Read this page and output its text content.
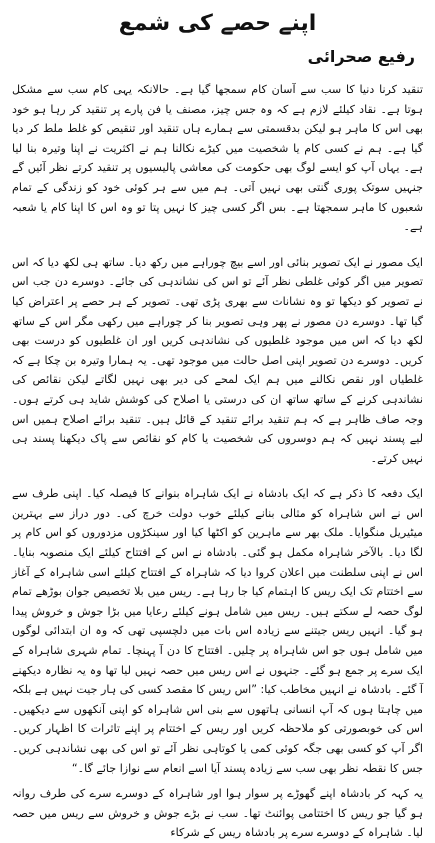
اپنے حصے کی شمع
رفیع صحرائی

تنقید کرنا دنیا کا سب سے آسان کام سمجھا گیا ہے۔ حالانکہ یہی کام سب سے مشکل ہوتا ہے۔ نقاد کیلئے لازم ہے کہ وہ جس چیز، مصنف یا فن پارے پر تنقید کر رہا ہو خود بھی اس کا ماہر ہو لیکن بدقسمتی سے ہمارے ہاں تنقید اور تنقیص کو غلط ملط کر دیا گیا ہے۔ ہم نے کسی کام یا شخصیت میں کیڑے نکالنا ہم نے اکثریت نے اپنا وتیرہ بنا لیا ہے۔ یہاں آپ کو ایسے لوگ بھی حکومت کی معاشی پالیسیوں پر تنقید کرتے نظر آئیں گے جنہیں سوتک پوری گنتی بھی نہیں آتی۔ ہم میں سے ہر کوئی خود کو زندگی کے تمام شعبوں کا ماہر سمجھتا ہے۔ بس اگر کسی چیز کا نہیں پتا تو وہ اس کا اپنا کام یا شعبہ ہے۔

ایک مصور نے ایک تصویر بنائی اور اسے بیچ چوراہے میں رکھ دیا۔ ساتھ ہی لکھ دیا کہ اس تصویر میں اگر کوئی غلطی نظر آئے تو اس کی نشاندہی کی جائے۔ دوسرے دن جب اس نے تصویر کو دیکھا تو وہ نشانات سے بھری پڑی تھی۔ تصویر کے ہر حصے پر اعتراض کیا گیا تھا۔ دوسرے دن مصور نے پھر وہی تصویر بنا کر چوراہے میں رکھی مگر اس کے ساتھ لکھ دیا کہ اس میں موجود غلطیوں کی نشاندہی کریں اور ان غلطیوں کو درست بھی کریں۔ دوسرے دن تصویر اپنی اصل حالت میں موجود تھی۔ یہ ہمارا وتیرہ بن چکا ہے کہ غلطیاں اور نقص نکالنے میں ہم ایک لمحے کی دیر بھی نہیں لگاتے لیکن نقائص کی نشاندہی کرنے کے ساتھ ساتھ ان کی درستی یا اصلاح کی کوشش شاید ہی کرتے ہوں۔ وجہ صاف ظاہر ہے کہ ہم تنقید برائے تنقید کے قائل ہیں۔ تنقید برائے اصلاح ہمیں اس لیے پسند نہیں کہ ہم دوسروں کی شخصیت یا کام کو نقائص سے پاک دیکھنا پسند ہی نہیں کرتے۔

ایک دفعہ کا ذکر ہے کہ ایک بادشاہ نے ایک شاہراہ بنوانے کا فیصلہ کیا۔ اپنی طرف سے اس نے اس شاہراہ کو مثالی بنانے کیلئے خوب دولت خرچ کی۔ دور دراز سے بہترین میٹیریل منگوایا۔ ملک بھر سے ماہرین کو اکٹھا کیا اور سینکڑوں مزدوروں کو اس کام پر لگا دیا۔ بالآخر شاہراہ مکمل ہو گئی۔ بادشاہ نے اس کے افتتاح کیلئے ایک منصوبہ بنایا۔ اس نے اپنی سلطنت میں اعلان کروا دیا کہ شاہراہ کے افتتاح کیلئے اسی شاہراہ کے آغاز سے اختتام تک ایک ریس کا اہتمام کیا جا رہا ہے۔ ریس میں بلا تخصیص جوان بوڑھے تمام لوگ حصہ لے سکتے ہیں۔ ریس میں شامل ہونے کیلئے رعایا میں بڑا جوش و خروش پیدا ہو گیا۔ انہیں ریس جیتنے سے زیادہ اس بات میں دلچسپی تھی کہ وہ ان ابتدائی لوگوں میں شامل ہوں جو اس شاہراہ پر چلیں۔ افتتاح کا دن آ پہنچا۔ تمام شہری شاہراہ کے ایک سرے پر جمع ہو گئے۔ جنہوں نے اس ریس میں حصہ نہیں لیا تھا وہ یہ نظارہ دیکھنے آ گئے۔ بادشاہ نے انہیں مخاطب کیا: ”اس ریس کا مقصد کسی کی ہار جیت نہیں ہے بلکہ میں چاہتا ہوں کہ آپ انسانی ہاتھوں سے بنی اس شاہراہ کو اپنی آنکھوں سے دیکھیں۔ اس کی خوبصورتی کو ملاحظہ کریں اور ریس کے اختتام پر اپنے تاثرات کا اظہار کریں۔ اگر آپ کو کسی بھی جگہ کوئی کمی یا کوتاہی نظر آئے تو اس کی بھی نشاندہی کریں۔ جس کا نقطہ نظر بھی سب سے زیادہ پسند آیا اسے انعام سے نوازا جائے گا۔“

یہ کہہ کر بادشاہ اپنے گھوڑے پر سوار ہوا اور شاہراہ کے دوسرے سرے کی طرف روانہ ہو گیا جو ریس کا اختتامی پوائنٹ تھا۔ سب نے بڑے جوش و خروش سے ریس میں حصہ لیا۔ شاہراہ کے دوسرے سرے پر بادشاہ ریس کے شرکاء
